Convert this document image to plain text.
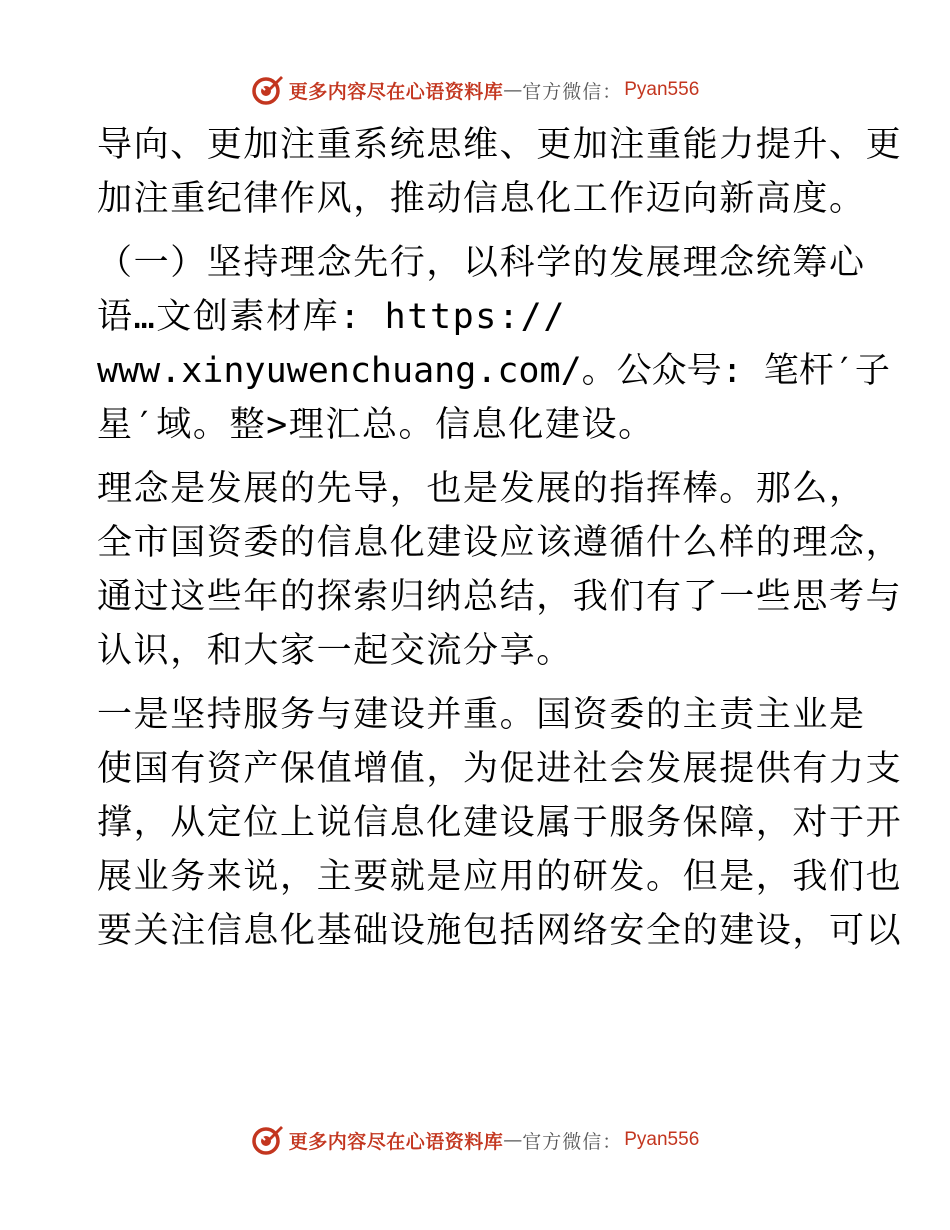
更多内容尽在心语资料库 — 官方微信： Pyan556
导向、更加注重系统思维、更加注重能力提升、更
加注重纪律作风，推动信息化工作迈向新高度。
（一）坚持理念先行，以科学的发展理念统筹心
语…文创素材库: https://
www.xinyuwenchuang.com/。公众号: 笔杆′子
星′域。整>理汇总。信息化建设。
理念是发展的先导，也是发展的指挥棒。那么，
全市国资委的信息化建设应该遵循什么样的理念，
通过这些年的探索归纳总结，我们有了一些思考与
认识，和大家一起交流分享。
一是坚持服务与建设并重。国资委的主责主业是
使国有资产保值增值，为促进社会发展提供有力支
撑，从定位上说信息化建设属于服务保障，对于开
展业务来说，主要就是应用的研发。但是，我们也
要关注信息化基础设施包括网络安全的建设，可以
更多内容尽在心语资料库 — 官方微信： Pyan556
